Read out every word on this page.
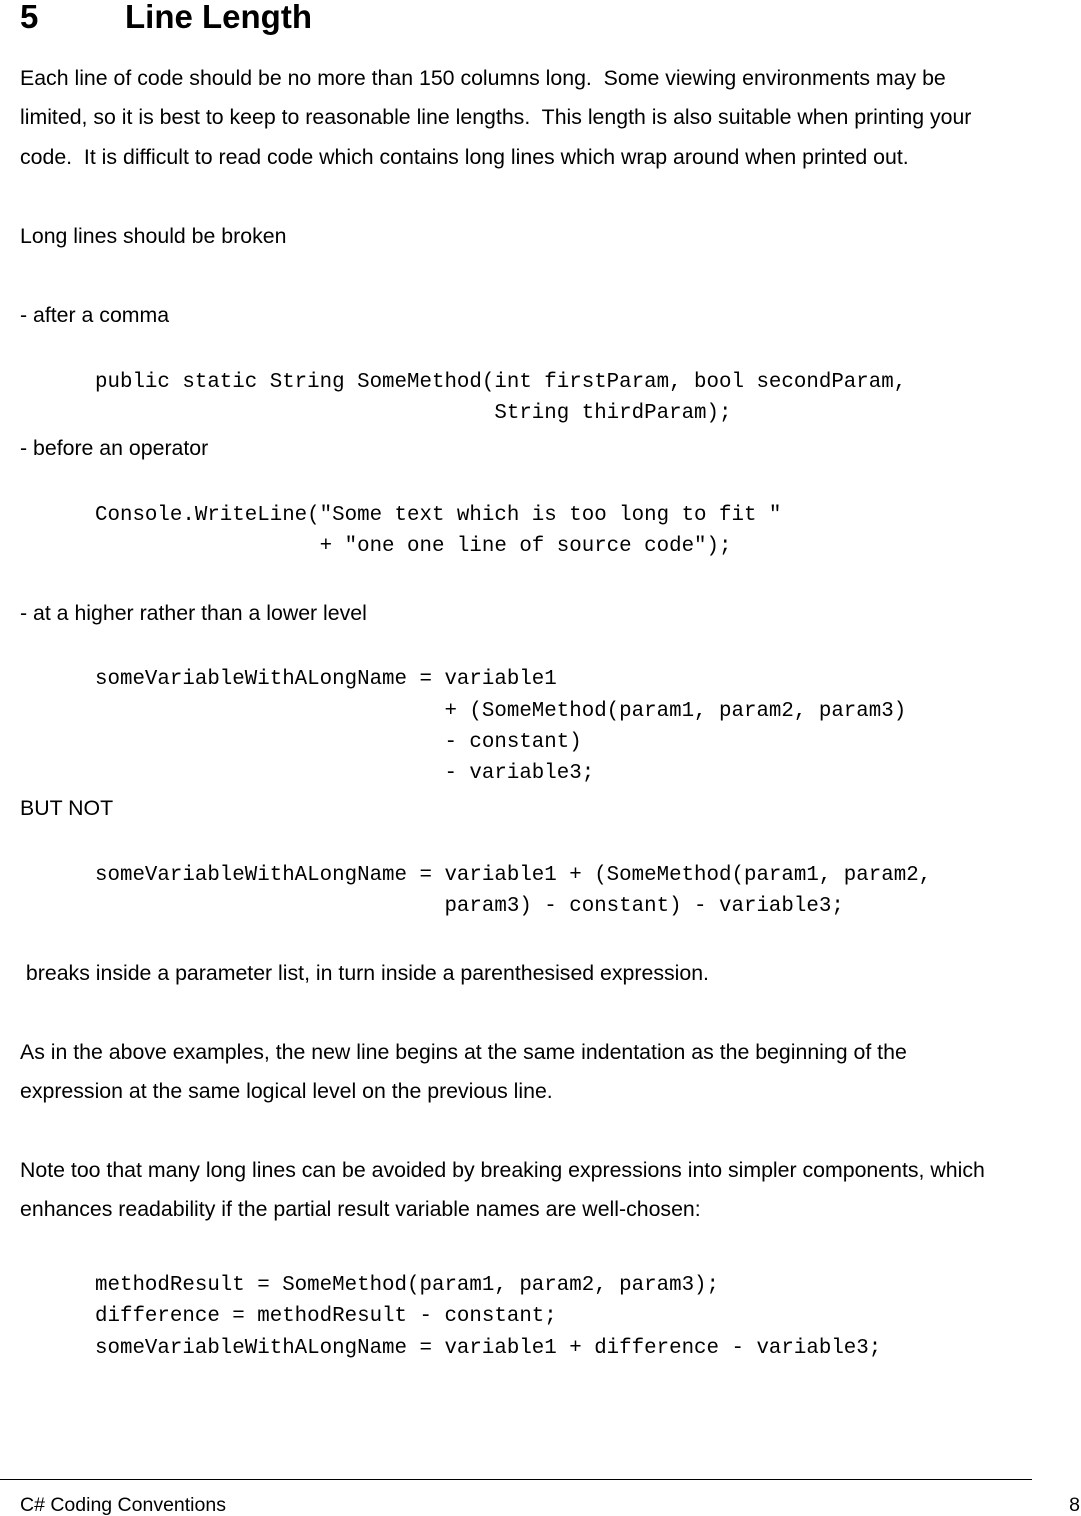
5	Line Length
Each line of code should be no more than 150 columns long.  Some viewing environments may be
limited, so it is best to keep to reasonable line lengths.  This length is also suitable when printing your
code.  It is difficult to read code which contains long lines which wrap around when printed out.
Long lines should be broken
- after a comma
public static String SomeMethod(int firstParam, bool secondParam,
String thirdParam);
- before an operator
Console.WriteLine("Some text which is too long to fit "
+ "one one line of source code");
- at a higher rather than a lower level
someVariableWithALongName = variable1
+ (SomeMethod(param1, param2, param3)
- constant)
- variable3;
BUT NOT
someVariableWithALongName = variable1 + (SomeMethod(param1, param2,
param3) - constant) - variable3;
breaks inside a parameter list, in turn inside a parenthesised expression.
As in the above examples, the new line begins at the same indentation as the beginning of the
expression at the same logical level on the previous line.
Note too that many long lines can be avoided by breaking expressions into simpler components, which
enhances readability if the partial result variable names are well-chosen:
methodResult = SomeMethod(param1, param2, param3);
difference = methodResult - constant;
someVariableWithALongName = variable1 + difference - variable3;
C# Coding Conventions	8
